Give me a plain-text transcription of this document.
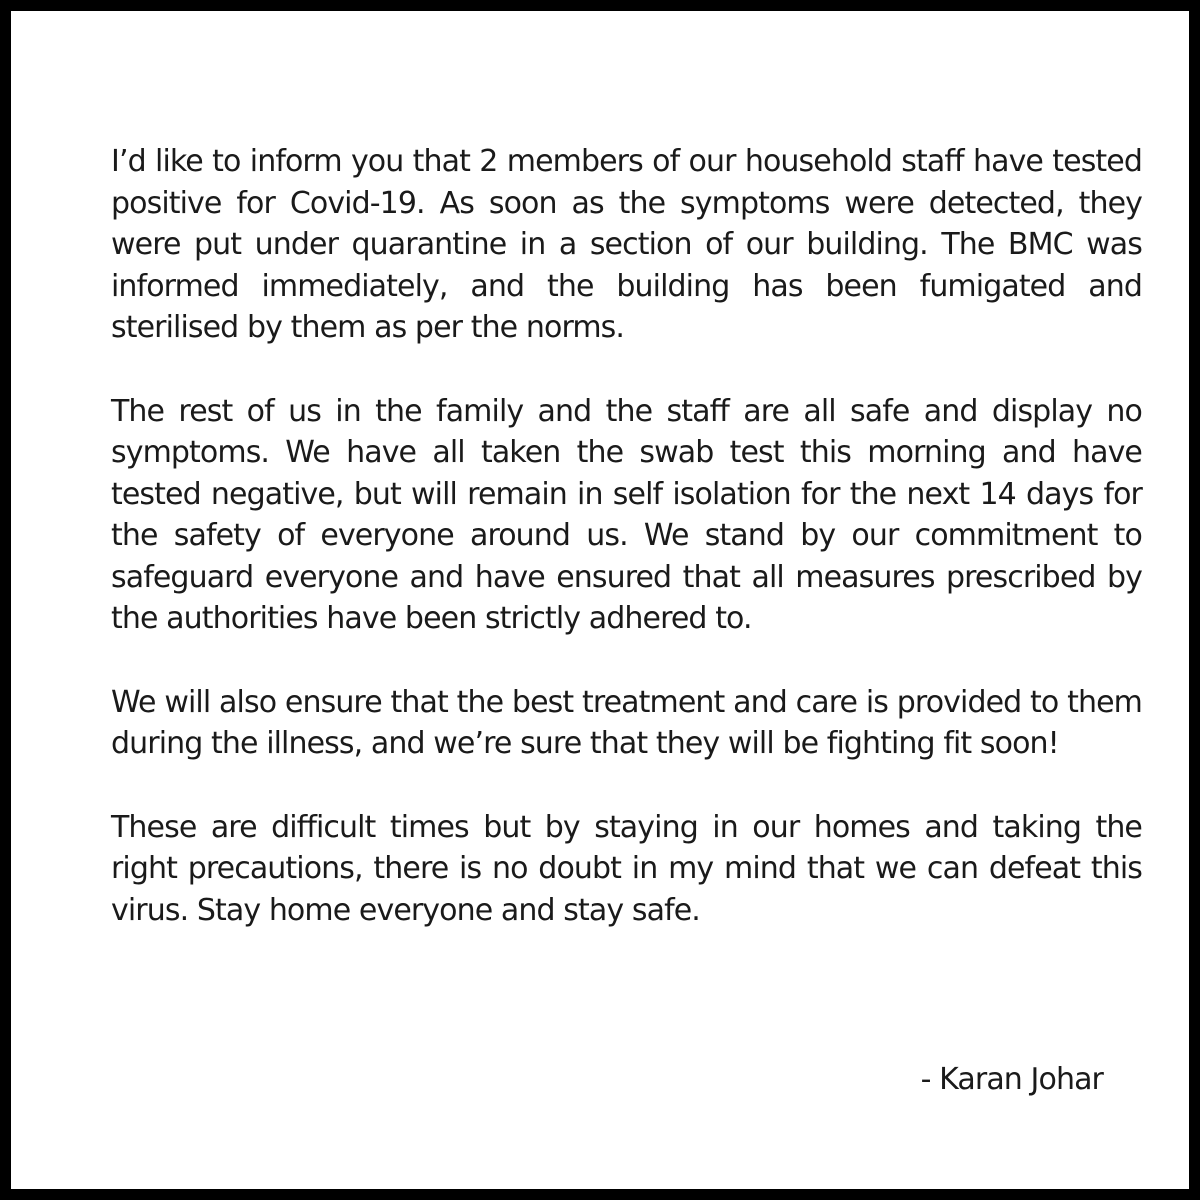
I’d like to inform you that 2 members of our household staff have tested positive for Covid-19. As soon as the symptoms were detected, they were put under quarantine in a section of our building. The BMC was informed immediately, and the building has been fumigated and sterilised by them as per the norms.

The rest of us in the family and the staff are all safe and display no symptoms. We have all taken the swab test this morning and have tested negative, but will remain in self isolation for the next 14 days for the safety of everyone around us. We stand by our commitment to safeguard everyone and have ensured that all measures prescribed by the authorities have been strictly adhered to.

We will also ensure that the best treatment and care is provided to them during the illness, and we’re sure that they will be fighting fit soon!

These are difficult times but by staying in our homes and taking the right precautions, there is no doubt in my mind that we can defeat this virus. Stay home everyone and stay safe.

- Karan Johar
